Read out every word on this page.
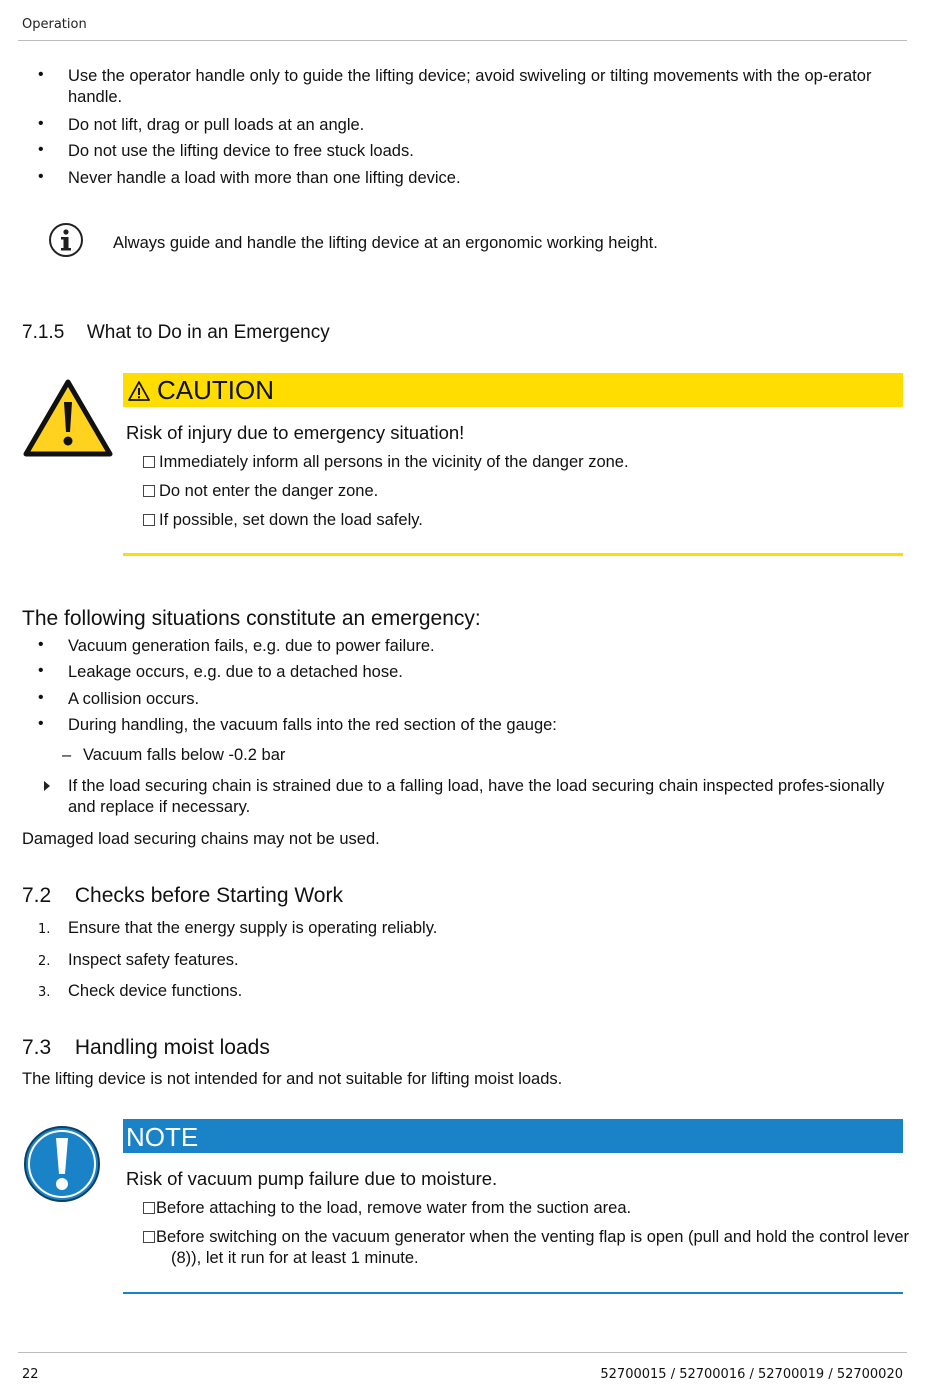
Operation
• Use the operator handle only to guide the lifting device; avoid swiveling or tilting movements with the op-erator handle.
• Do not lift, drag or pull loads at an angle.
• Do not use the lifting device to free stuck loads.
• Never handle a load with more than one lifting device.
Always guide and handle the lifting device at an ergonomic working height.
7.1.5 What to Do in an Emergency
CAUTION
Risk of injury due to emergency situation!
Immediately inform all persons in the vicinity of the danger zone.
Do not enter the danger zone.
If possible, set down the load safely.
The following situations constitute an emergency:
• Vacuum generation fails, e.g. due to power failure.
• Leakage occurs, e.g. due to a detached hose.
• A collision occurs.
• During handling, the vacuum falls into the red section of the gauge:
– Vacuum falls below -0.2 bar
If the load securing chain is strained due to a falling load, have the load securing chain inspected profes-sionally and replace if necessary.
Damaged load securing chains may not be used.
7.2 Checks before Starting Work
1. Ensure that the energy supply is operating reliably.
2. Inspect safety features.
3. Check device functions.
7.3 Handling moist loads
The lifting device is not intended for and not suitable for lifting moist loads.
NOTE
Risk of vacuum pump failure due to moisture.
Before attaching to the load, remove water from the suction area.
Before switching on the vacuum generator when the venting flap is open (pull and hold the control lever (8)), let it run for at least 1 minute.
22	52700015 / 52700016 / 52700019 / 52700020
